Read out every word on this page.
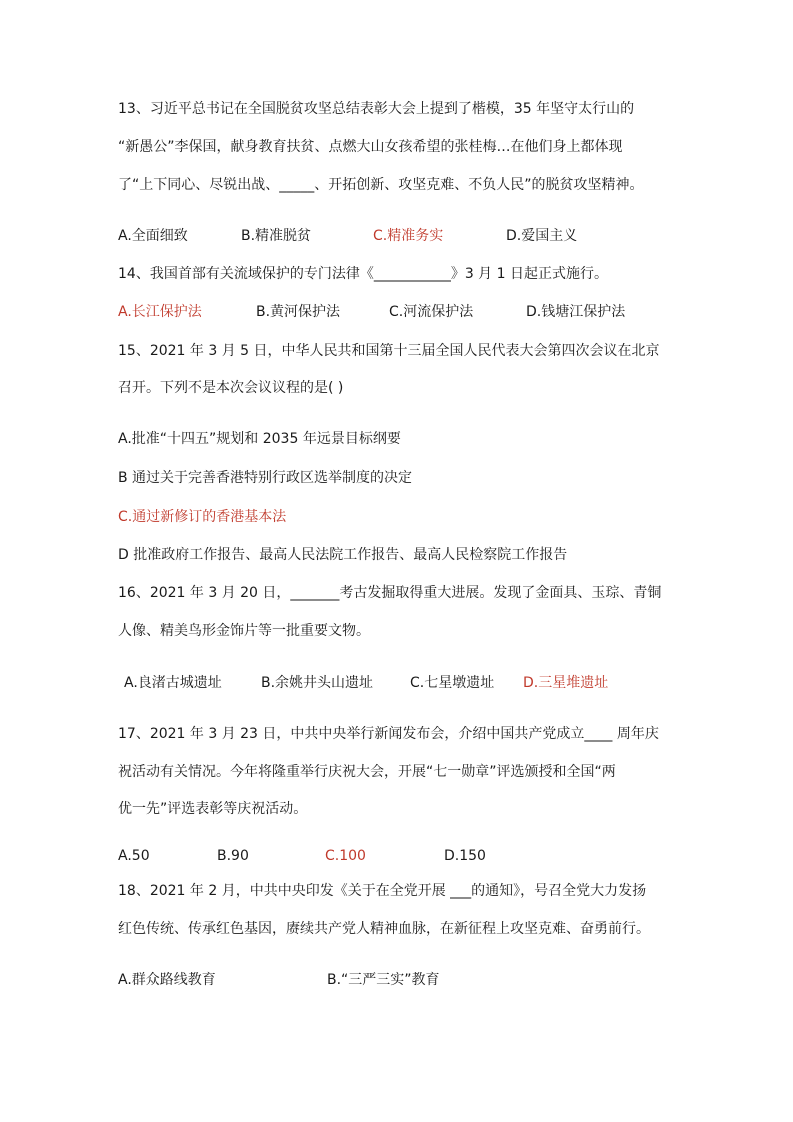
13、习近平总书记在全国脱贫攻坚总结表彰大会上提到了楷模，35 年坚守太行山的
“新愚公”李保国，献身教育扶贫、点燃大山女孩希望的张桂梅…在他们身上都体现
了“上下同心、尽锐出战、_____、开拓创新、攻坚克难、不负人民”的脱贫攻坚精神。
A.全面细致	B.精准脱贫	C.精准务实	D.爱国主义
14、我国首部有关流域保护的专门法律《___________》3 月 1 日起正式施行。
A.长江保护法	B.黄河保护法	C.河流保护法	D.钱塘江保护法
15、2021 年 3 月 5 日，中华人民共和国第十三届全国人民代表大会第四次会议在北京
召开。下列不是本次会议议程的是( )
A.批准“十四五”规划和 2035 年远景目标纲要
B 通过关于完善香港特别行政区选举制度的决定
C.通过新修订的香港基本法
D 批准政府工作报告、最高人民法院工作报告、最高人民检察院工作报告
16、2021 年 3 月 20 日，_______考古发掘取得重大进展。发现了金面具、玉琮、青铜
人像、精美鸟形金饰片等一批重要文物。
A.良渚古城遗址	B.余姚井头山遗址	C.七星墩遗址 D.三星堆遗址
17、2021 年 3 月 23 日，中共中央举行新闻发布会，介绍中国共产党成立____ 周年庆
祝活动有关情况。今年将隆重举行庆祝大会，开展“七一勋章”评选颁授和全国“两
优一先”评选表彰等庆祝活动。
A.50	B.90	C.100	D.150
18、2021 年 2 月，中共中央印发《关于在全党开展 ___的通知》，号召全党大力发扬
红色传统、传承红色基因，赓续共产党人精神血脉，在新征程上攻坚克难、奋勇前行。
A.群众路线教育	B.“三严三实”教育
